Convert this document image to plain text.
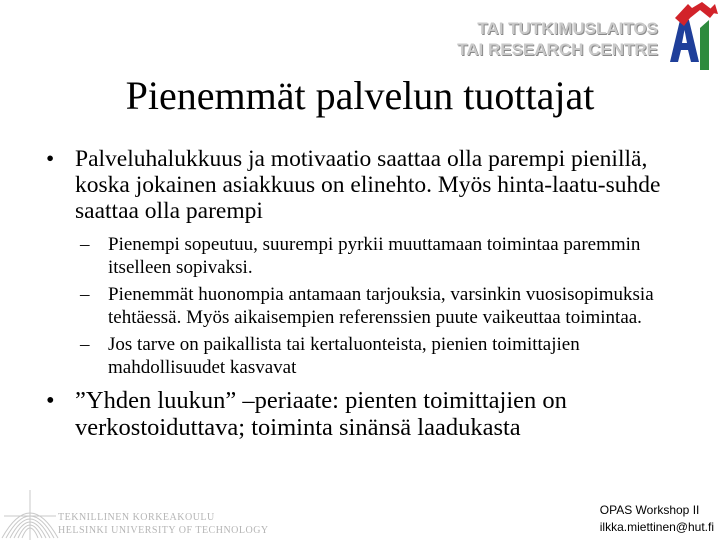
TAI TUTKIMUSLAITOS
TAI RESEARCH CENTRE
Pienemmät palvelun tuottajat
• Palveluhalukkuus ja motivaatio saattaa olla parempi pienillä, koska jokainen asiakkuus on elinehto. Myös hinta-laatu-suhde saattaa olla parempi
– Pienempi sopeutuu, suurempi pyrkii muuttamaan toimintaa paremmin itselleen sopivaksi.
– Pienemmät huonompia antamaan tarjouksia, varsinkin vuosisopimuksia tehtäessä. Myös aikaisempien referenssien puute vaikeuttaa toimintaa.
– Jos tarve on paikallista tai kertaluonteista, pienien toimittajien mahdollisuudet kasvavat
• ”Yhden luukun” –periaate: pienten toimittajien on verkostoiduttava; toiminta sinänsä laadukasta
TEKNILLINEN KORKEAKOULU
HELSINKI UNIVERSITY OF TECHNOLOGY
OPAS Workshop II
ilkka.miettinen@hut.fi
